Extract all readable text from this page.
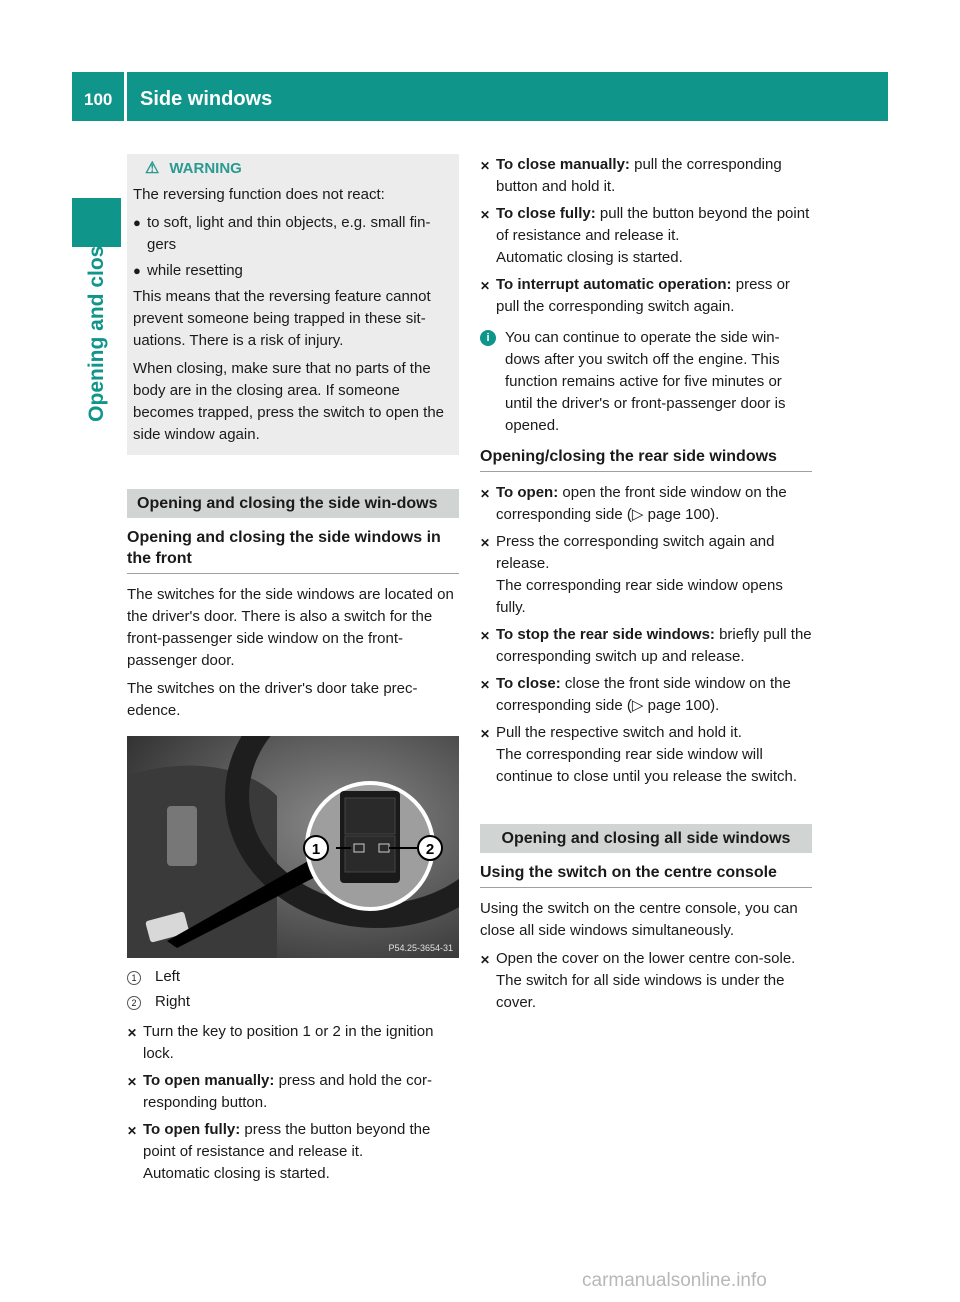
100 Side windows
Opening and closing
⚠ WARNING

The reversing function does not react:

● to soft, light and thin objects, e.g. small fin-gers
● while resetting

This means that the reversing feature cannot prevent someone being trapped in these sit-uations. There is a risk of injury.

When closing, make sure that no parts of the body are in the closing area. If someone becomes trapped, press the switch to open the side window again.

Opening and closing the side win-dows
Opening and closing the side windows in the front

The switches for the side windows are located on the driver's door. There is also a switch for the front-passenger side window on the front-passenger door.

The switches on the driver's door take prec-edence.

1	2
P54.25-3654-31
1	Left
2	Right
✕ Turn the key to position 1 or 2 in the ignition lock.
✕ To open manually: press and hold the cor-responding button.
✕ To open fully: press the button beyond the point of resistance and release it.
Automatic closing is started.
✕ To close manually: pull the corresponding button and hold it.
✕ To close fully: pull the button beyond the point of resistance and release it.
Automatic closing is started.
✕ To interrupt automatic operation: press or pull the corresponding switch again.
i	You can continue to operate the side win-dows after you switch off the engine. This function remains active for five minutes or until the driver's or front-passenger door is opened.
Opening/closing the rear side windows
✕ To open: open the front side window on the corresponding side (▷ page 100).
✕ Press the corresponding switch again and release.
The corresponding rear side window opens fully.
✕ To stop the rear side windows: briefly pull the corresponding switch up and release.
✕ To close: close the front side window on the corresponding side (▷ page 100).
✕ Pull the respective switch and hold it.
The corresponding rear side window will continue to close until you release the switch.
Opening and closing all side windows
Using the switch on the centre console

Using the switch on the centre console, you can close all side windows simultaneously.

✕ Open the cover on the lower centre con-sole.
The switch for all side windows is under the cover.
carmanualsonline.info
